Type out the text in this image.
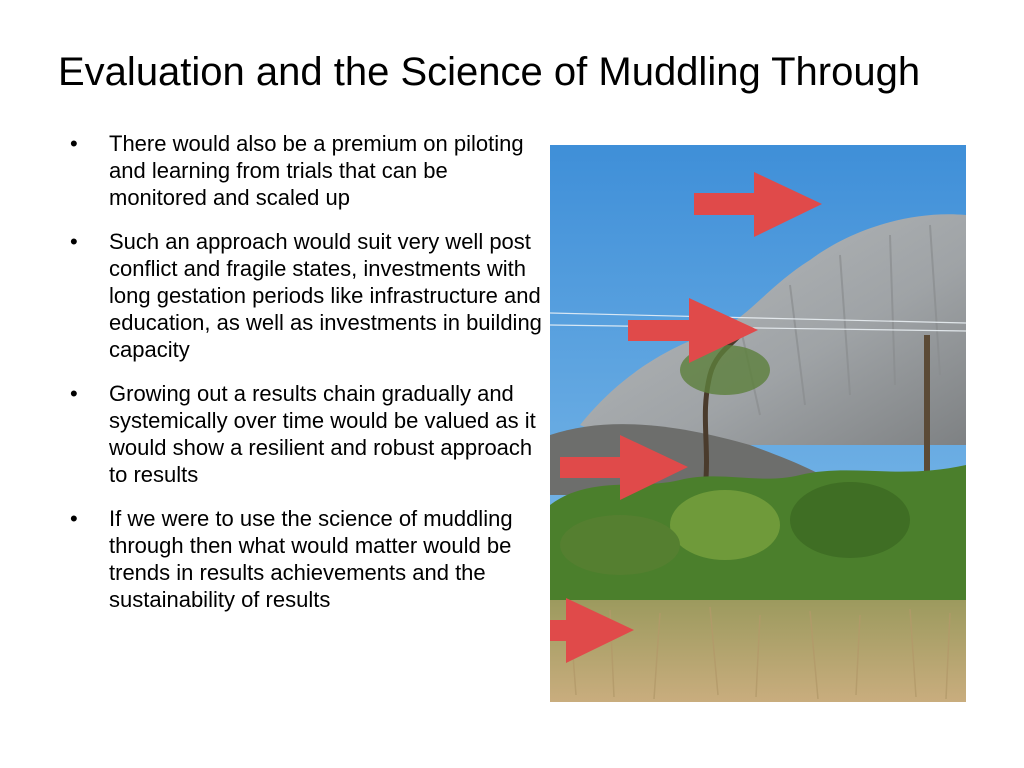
Evaluation and the Science of Muddling Through
•	There would also be a premium on piloting and learning from trials that can be monitored and scaled up
•	Such an approach would suit very well post conflict and fragile states, investments with long gestation periods like infrastructure and education, as well as investments in building capacity
•	Growing out a results chain gradually and systemically over time would be valued as it would show a resilient and robust approach to results
•	If we were to use the science of muddling through then what would matter would be trends in results achievements and the sustainability of results
